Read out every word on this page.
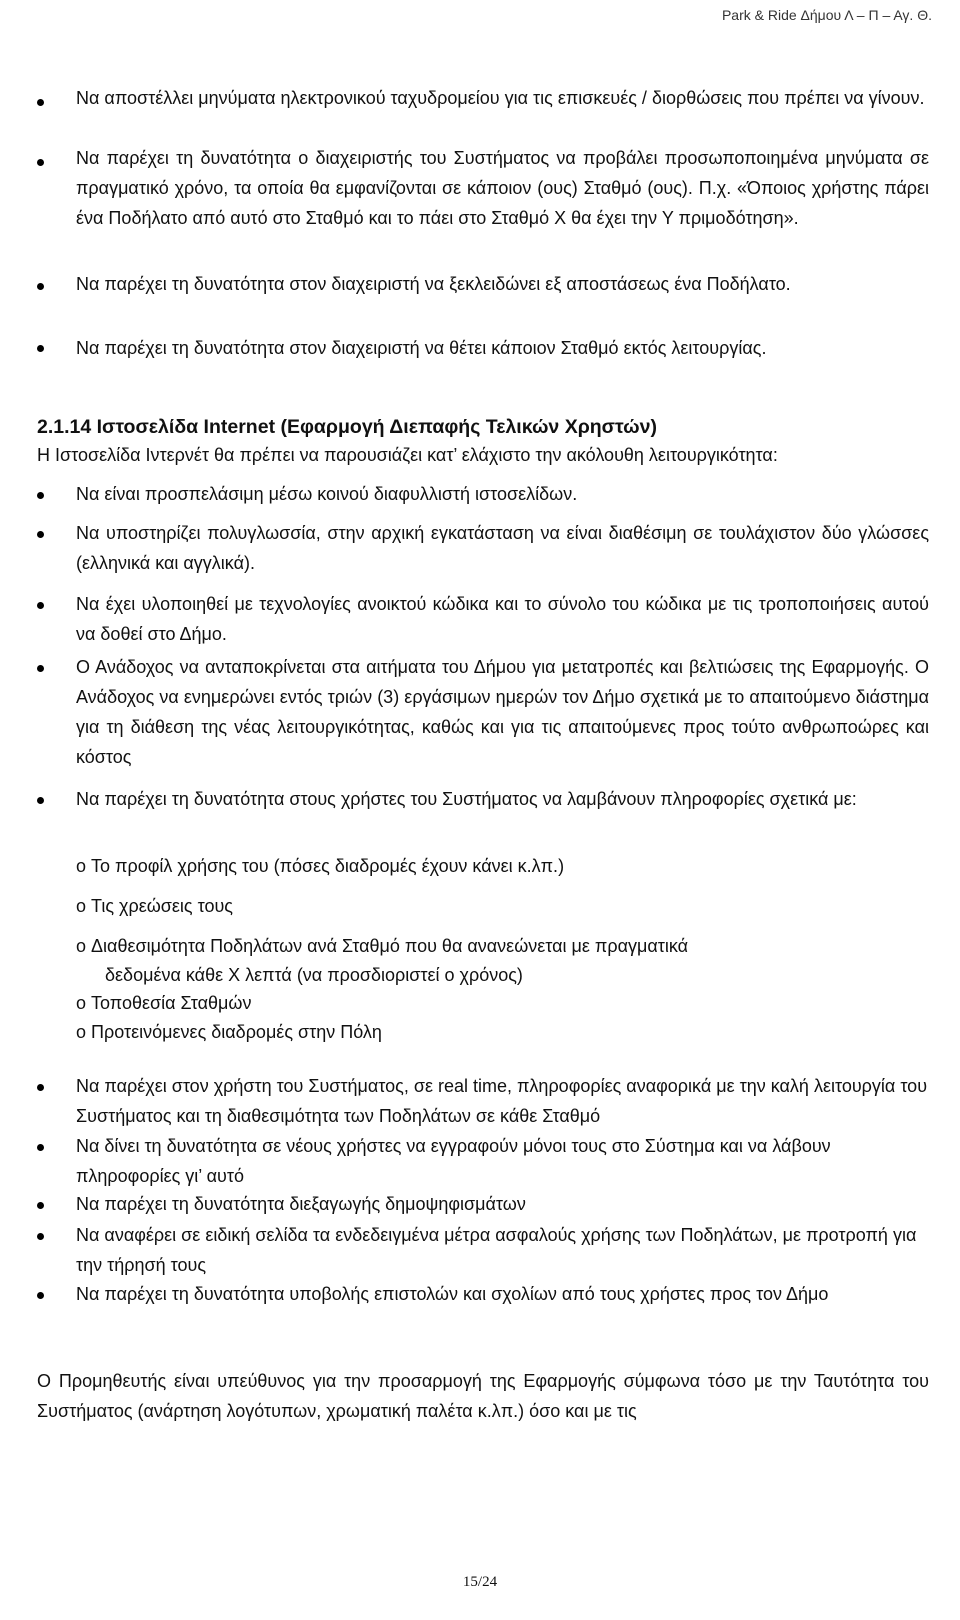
Park & Ride Δήμου Λ – Π – Αγ. Θ.
Να αποστέλλει μηνύματα ηλεκτρονικού ταχυδρομείου για τις επισκευές / διορθώσεις που πρέπει να γίνουν.
Να παρέχει τη δυνατότητα ο διαχειριστής του Συστήματος να προβάλει προσωποποιημένα μηνύματα σε πραγματικό χρόνο, τα οποία θα εμφανίζονται σε κάποιον (ους) Σταθμό (ους). Π.χ. «Όποιος χρήστης πάρει ένα Ποδήλατο από αυτό στο Σταθμό και το πάει στο Σταθμό Χ θα έχει την Υ πριμοδότηση».
Να παρέχει τη δυνατότητα στον διαχειριστή να ξεκλειδώνει εξ αποστάσεως ένα Ποδήλατο.
Να παρέχει τη δυνατότητα στον διαχειριστή να θέτει κάποιον Σταθμό εκτός λειτουργίας.
2.1.14 Ιστοσελίδα Internet (Εφαρμογή Διεπαφής Τελικών Χρηστών)
Η Ιστοσελίδα Ιντερνέτ θα πρέπει να παρουσιάζει κατ’ ελάχιστο την ακόλουθη λειτουργικότητα:
Να είναι προσπελάσιμη μέσω κοινού διαφυλλιστή ιστοσελίδων.
Να υποστηρίζει πολυγλωσσία, στην αρχική εγκατάσταση να είναι διαθέσιμη σε τουλάχιστον δύο γλώσσες (ελληνικά και αγγλικά).
Να έχει υλοποιηθεί με τεχνολογίες ανοικτού κώδικα και το σύνολο του κώδικα με τις τροποποιήσεις αυτού να δοθεί στο Δήμο.
Ο Ανάδοχος να ανταποκρίνεται στα αιτήματα του Δήμου για μετατροπές και βελτιώσεις της Εφαρμογής. Ο Ανάδοχος να ενημερώνει εντός τριών (3) εργάσιμων ημερών τον Δήμο σχετικά με το απαιτούμενο διάστημα για τη διάθεση της νέας λειτουργικότητας, καθώς και για τις απαιτούμενες προς τούτο ανθρωποώρες και κόστος
Να παρέχει τη δυνατότητα στους χρήστες του Συστήματος να λαμβάνουν πληροφορίες σχετικά με:
o Το προφίλ χρήσης του (πόσες διαδρομές έχουν κάνει κ.λπ.)
o Τις χρεώσεις τους
o Διαθεσιμότητα Ποδηλάτων ανά Σταθμό που θα ανανεώνεται με πραγματικά
δεδομένα κάθε Χ λεπτά (να προσδιοριστεί ο χρόνος)
o Τοποθεσία Σταθμών
o Προτεινόμενες διαδρομές στην Πόλη
Να παρέχει στον χρήστη του Συστήματος, σε real time, πληροφορίες αναφορικά με την καλή λειτουργία του Συστήματος και τη διαθεσιμότητα των Ποδηλάτων σε κάθε Σταθμό
Να δίνει τη δυνατότητα σε νέους χρήστες να εγγραφούν μόνοι τους στο Σύστημα και να λάβουν πληροφορίες γι’ αυτό
Να παρέχει τη δυνατότητα διεξαγωγής δημοψηφισμάτων
Να αναφέρει σε ειδική σελίδα τα ενδεδειγμένα μέτρα ασφαλούς χρήσης των Ποδηλάτων, με προτροπή για την τήρησή τους
Να παρέχει τη δυνατότητα υποβολής επιστολών και σχολίων από τους χρήστες προς τον Δήμο
Ο Προμηθευτής είναι υπεύθυνος για την προσαρμογή της Εφαρμογής σύμφωνα τόσο με την Ταυτότητα του Συστήματος (ανάρτηση λογότυπων, χρωματική παλέτα κ.λπ.) όσο και με τις
15/24
